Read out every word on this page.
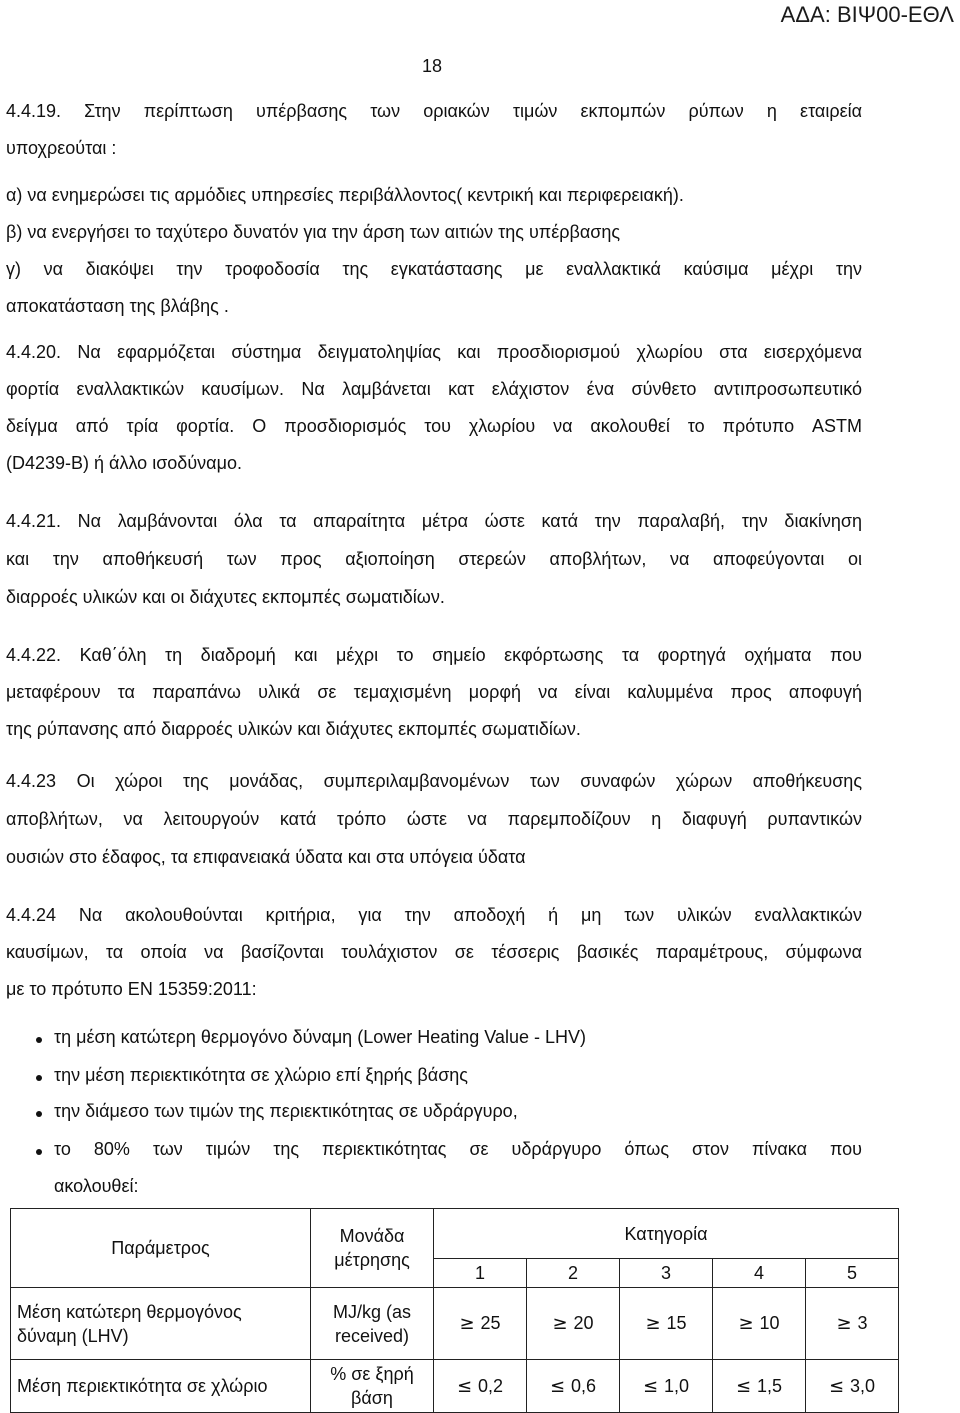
ΑΔΑ: ΒΙΨ00-ΕΘΛ
18
4.4.19. Στην περίπτωση υπέρβασης των οριακών τιμών εκπομπών ρύπων η εταιρεία
υποχρεούται :
α) να ενημερώσει τις αρμόδιες υπηρεσίες περιβάλλοντος( κεντρική και περιφερειακή).
β) να ενεργήσει το ταχύτερο δυνατόν για την άρση των αιτιών της υπέρβασης
γ) να διακόψει την τροφοδοσία της εγκατάστασης με εναλλακτικά καύσιμα μέχρι την
αποκατάσταση της βλάβης .
4.4.20. Να εφαρμόζεται σύστημα δειγματοληψίας και προσδιορισμού χλωρίου στα εισερχόμενα
φορτία εναλλακτικών καυσίμων. Να λαμβάνεται κατ ελάχιστον ένα σύνθετο αντιπροσωπευτικό
δείγμα από τρία φορτία. Ο προσδιορισμός του χλωρίου να ακολουθεί το πρότυπο ASTM
(D4239-B) ή άλλο ισοδύναμο.
4.4.21. Να λαμβάνονται όλα τα απαραίτητα μέτρα ώστε κατά την παραλαβή, την διακίνηση
και την αποθήκευσή των προς αξιοποίηση στερεών αποβλήτων, να αποφεύγονται οι
διαρροές υλικών και οι διάχυτες εκπομπές σωματιδίων.
4.4.22. Καθ΄όλη τη διαδρομή και μέχρι το σημείο εκφόρτωσης τα φορτηγά οχήματα που
μεταφέρουν τα παραπάνω υλικά σε τεμαχισμένη μορφή να είναι καλυμμένα προς αποφυγή
της ρύπανσης από διαρροές υλικών και διάχυτες εκπομπές σωματιδίων.
4.4.23 Οι χώροι της μονάδας, συμπεριλαμβανομένων των συναφών χώρων αποθήκευσης
αποβλήτων, να λειτουργούν κατά τρόπο ώστε να παρεμποδίζουν η διαφυγή ρυπαντικών
ουσιών στο έδαφος, τα επιφανειακά ύδατα και στα υπόγεια ύδατα
4.4.24 Να ακολουθούνται κριτήρια, για την αποδοχή ή μη των υλικών εναλλακτικών
καυσίμων, τα οποία να βασίζονται τουλάχιστον σε τέσσερις βασικές παραμέτρους, σύμφωνα
με το πρότυπο EN 15359:2011:
τη μέση κατώτερη θερμογόνο δύναμη (Lower Heating Value - LHV)
την μέση περιεκτικότητα σε χλώριο επί ξηρής βάσης
την διάμεσο των τιμών της περιεκτικότητας σε υδράργυρο,
το 80% των τιμών της περιεκτικότητας σε υδράργυρο όπως στον πίνακα που
ακολουθεί:
Παράμετρος	Μονάδα μέτρησης	Κατηγορία				
		1	2	3	4	5
Μέση κατώτερη θερμογόνος δύναμη (LHV)	MJ/kg (as received)	≥ 25	≥ 20	≥ 15	≥ 10	≥ 3
Μέση περιεκτικότητα σε χλώριο	% σε ξηρή βάση	≤ 0,2	≤ 0,6	≤ 1,0	≤ 1,5	≤ 3,0
